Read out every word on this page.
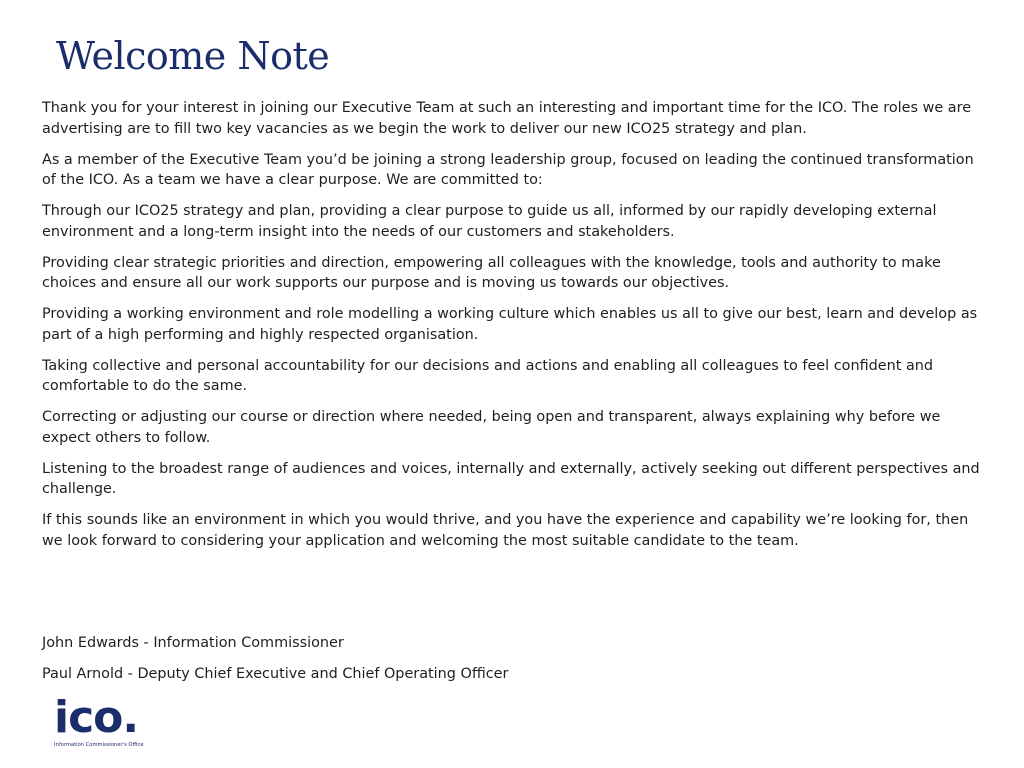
Welcome Note

Thank you for your interest in joining our Executive Team at such an interesting and important time for the ICO. The roles we are advertising are to fill two key vacancies as we begin the work to deliver our new ICO25 strategy and plan.

As a member of the Executive Team you’d be joining a strong leadership group, focused on leading the continued transformation of the ICO. As a team we have a clear purpose. We are committed to:

Through our ICO25 strategy and plan, providing a clear purpose to guide us all, informed by our rapidly developing external environment and a long-term insight into the needs of our customers and stakeholders.

Providing clear strategic priorities and direction, empowering all colleagues with the knowledge, tools and authority to make choices and ensure all our work supports our purpose and is moving us towards our objectives.

Providing a working environment and role modelling a working culture which enables us all to give our best, learn and develop as part of a high performing and highly respected organisation.

Taking collective and personal accountability for our decisions and actions and enabling all colleagues to feel confident and comfortable to do the same.

Correcting or adjusting our course or direction where needed, being open and transparent, always explaining why before we expect others to follow.

Listening to the broadest range of audiences and voices, internally and externally, actively seeking out different perspectives and challenge.

If this sounds like an environment in which you would thrive, and you have the experience and capability we’re looking for, then we look forward to considering your application and welcoming the most suitable candidate to the team.

John Edwards - Information Commissioner

Paul Arnold - Deputy Chief Executive and Chief Operating Officer

ico.
Information Commissioner's Office
